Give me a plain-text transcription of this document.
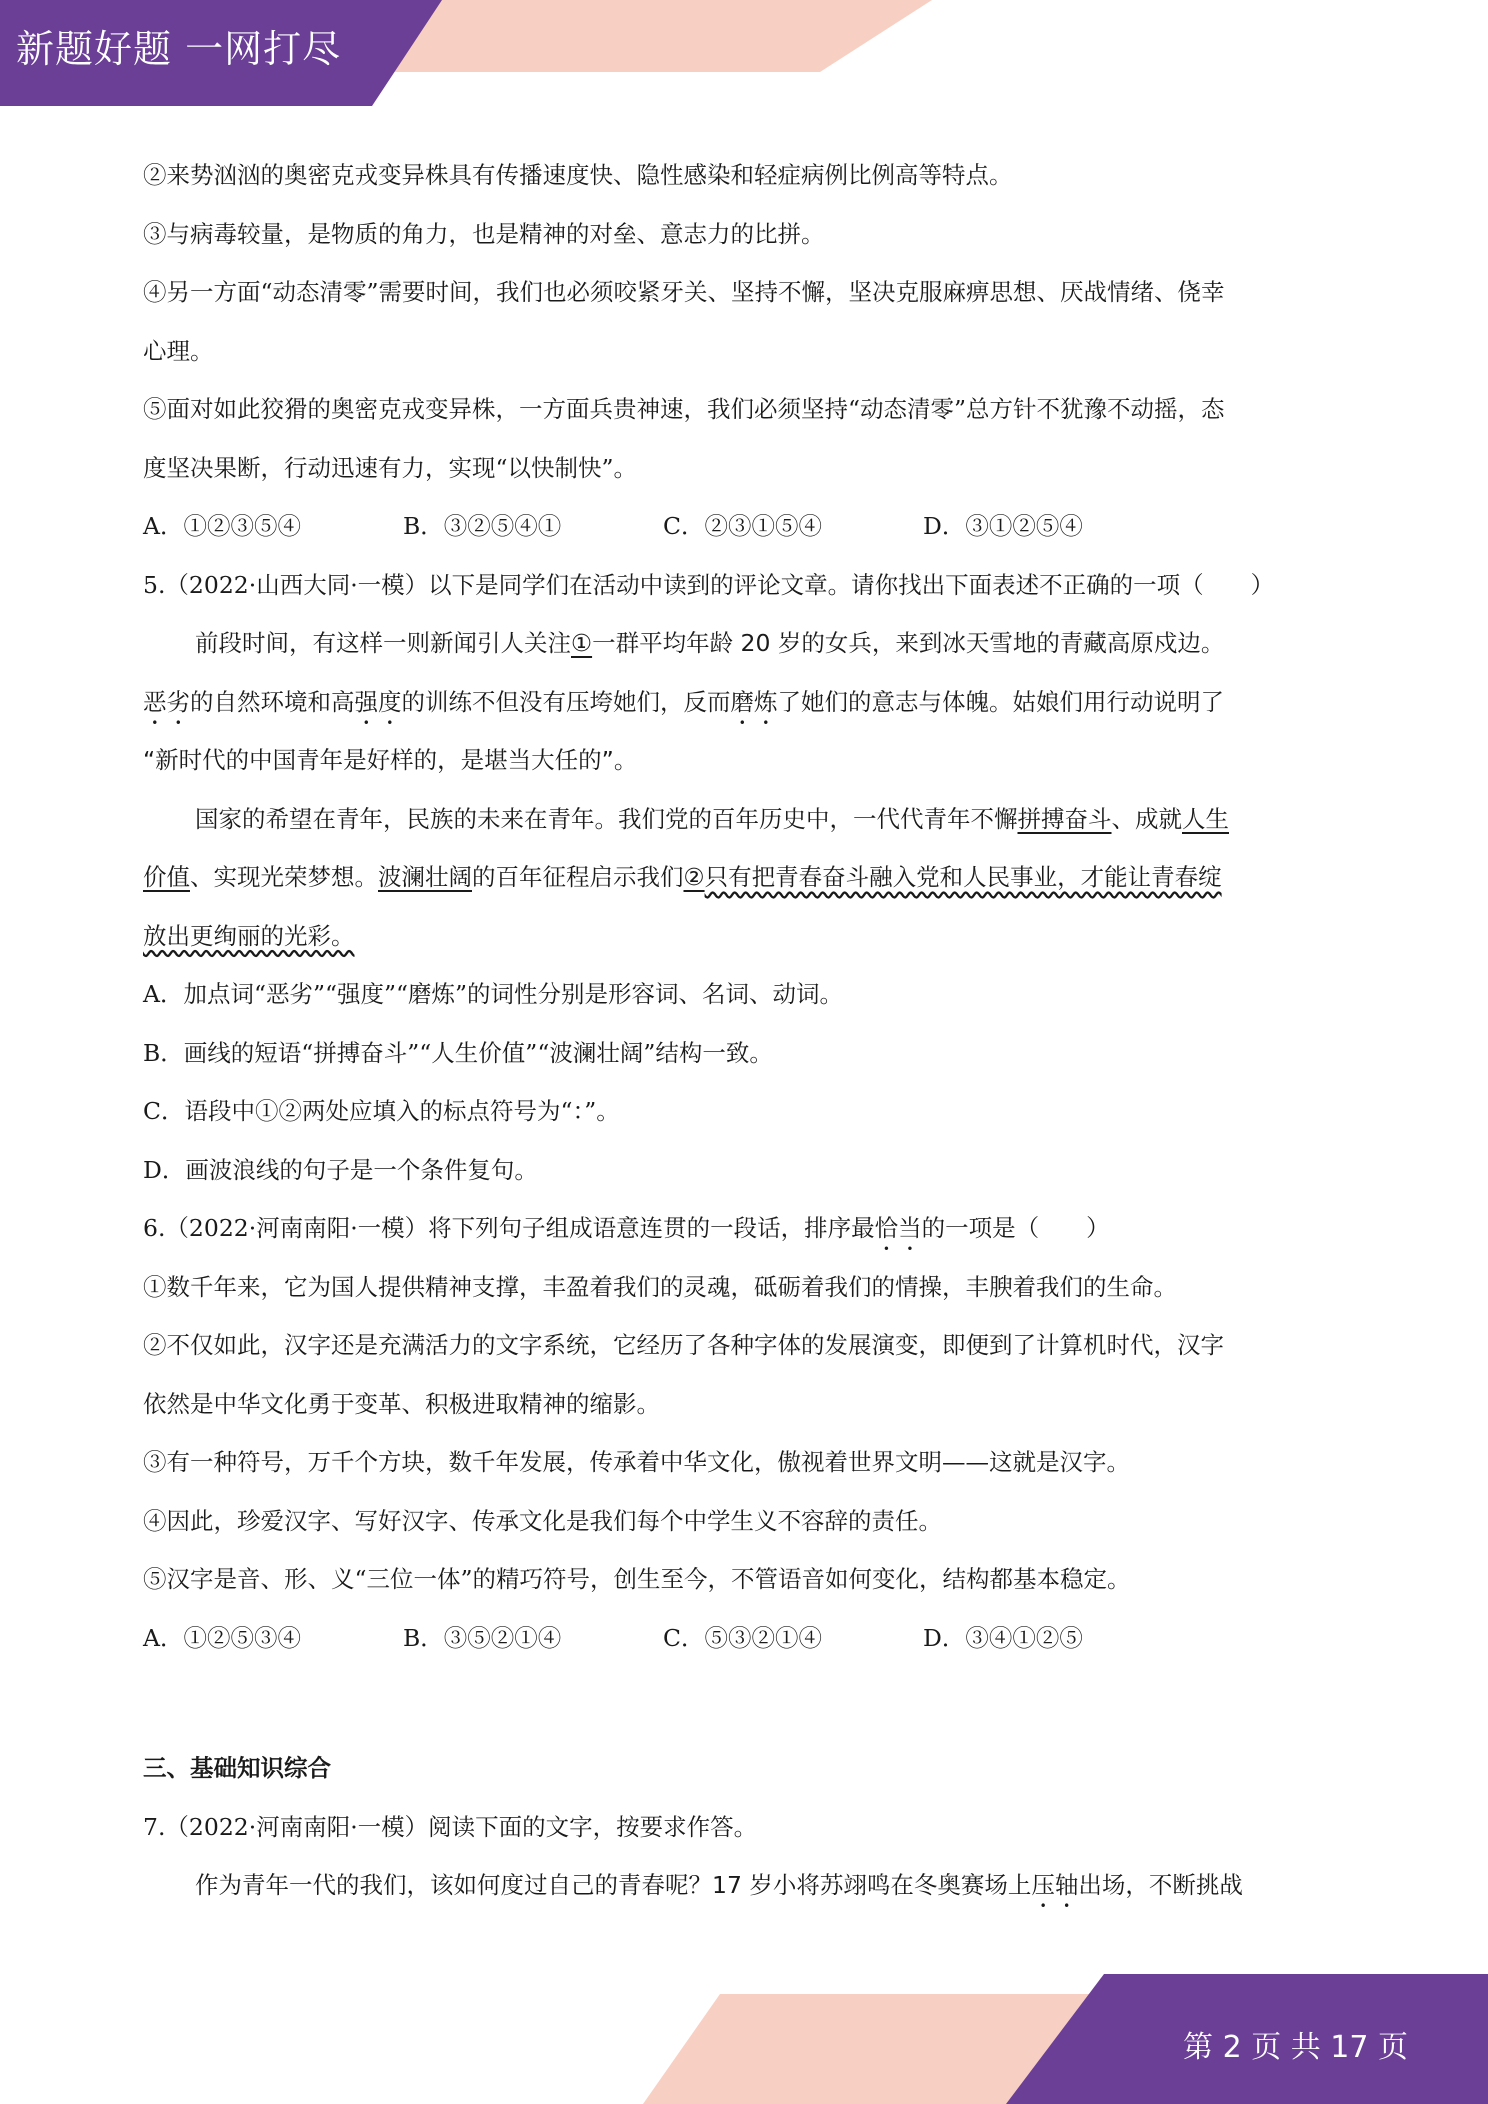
新题好题 一网打尽
第 2 页 共 17 页
②来势汹汹的奥密克戎变异株具有传播速度快、隐性感染和轻症病例比例高等特点。
③与病毒较量，是物质的角力，也是精神的对垒、意志力的比拼。
④另一方面“动态清零”需要时间，我们也必须咬紧牙关、坚持不懈，坚决克服麻痹思想、厌战情绪、侥幸
心理。
⑤面对如此狡猾的奥密克戎变异株，一方面兵贵神速，我们必须坚持“动态清零”总方针不犹豫不动摇，态
度坚决果断，行动迅速有力，实现“以快制快”。
A．①②③⑤④	B．③②⑤④①	C．②③①⑤④	D．③①②⑤④
5.（2022·山西大同·一模）以下是同学们在活动中读到的评论文章。请你找出下面表述不正确的一项（　　）
前段时间，有这样一则新闻引人关注①一群平均年龄 20 岁的女兵，来到冰天雪地的青藏高原戍边。
恶劣的自然环境和高强度的训练不但没有压垮她们，反而磨炼了她们的意志与体魄。姑娘们用行动说明了
“新时代的中国青年是好样的，是堪当大任的”。
国家的希望在青年，民族的未来在青年。我们党的百年历史中，一代代青年不懈拼搏奋斗、成就人生
价值、实现光荣梦想。波澜壮阔的百年征程启示我们②只有把青春奋斗融入党和人民事业，才能让青春绽
放出更绚丽的光彩。
A．加点词“恶劣”“强度”“磨炼”的词性分别是形容词、名词、动词。
B．画线的短语“拼搏奋斗”“人生价值”“波澜壮阔”结构一致。
C．语段中①②两处应填入的标点符号为“：”。
D．画波浪线的句子是一个条件复句。
6.（2022·河南南阳·一模）将下列句子组成语意连贯的一段话，排序最恰当的一项是（　　）
①数千年来，它为国人提供精神支撑，丰盈着我们的灵魂，砥砺着我们的情操，丰腴着我们的生命。
②不仅如此，汉字还是充满活力的文字系统，它经历了各种字体的发展演变，即便到了计算机时代，汉字
依然是中华文化勇于变革、积极进取精神的缩影。
③有一种符号，万千个方块，数千年发展，传承着中华文化，傲视着世界文明——这就是汉字。
④因此，珍爱汉字、写好汉字、传承文化是我们每个中学生义不容辞的责任。
⑤汉字是音、形、义“三位一体”的精巧符号，创生至今，不管语音如何变化，结构都基本稳定。
A．①②⑤③④	B．③⑤②①④	C．⑤③②①④	D．③④①②⑤
三、基础知识综合
7.（2022·河南南阳·一模）阅读下面的文字，按要求作答。
作为青年一代的我们，该如何度过自己的青春呢？17 岁小将苏翊鸣在冬奥赛场上压轴出场，不断挑战
